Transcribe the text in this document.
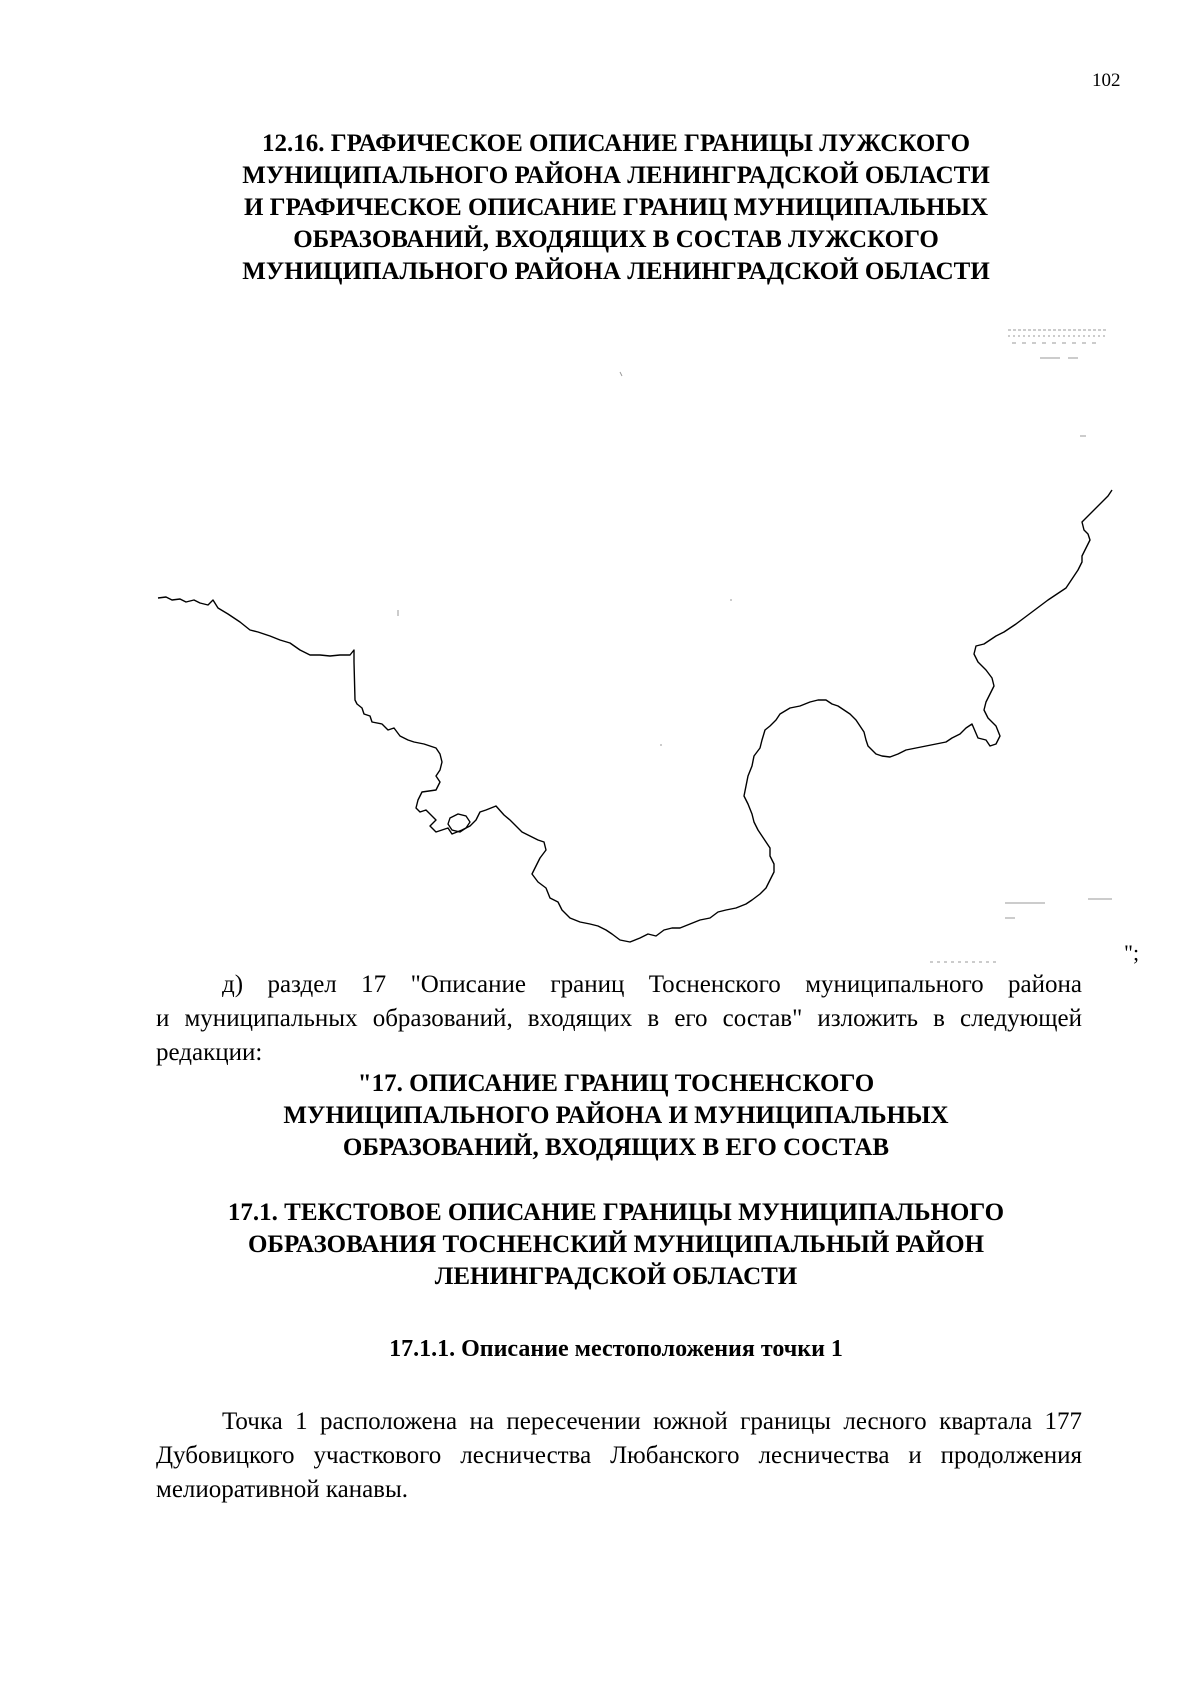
102
12.16. ГРАФИЧЕСКОЕ ОПИСАНИЕ ГРАНИЦЫ ЛУЖСКОГО
МУНИЦИПАЛЬНОГО РАЙОНА ЛЕНИНГРАДСКОЙ ОБЛАСТИ
И ГРАФИЧЕСКОЕ ОПИСАНИЕ ГРАНИЦ МУНИЦИПАЛЬНЫХ
ОБРАЗОВАНИЙ, ВХОДЯЩИХ В СОСТАВ ЛУЖСКОГО
МУНИЦИПАЛЬНОГО РАЙОНА ЛЕНИНГРАДСКОЙ ОБЛАСТИ
";
д) раздел 17 "Описание границ Тосненского муниципального района
и муниципальных образований, входящих в его состав" изложить в следующей
редакции:
"17. ОПИСАНИЕ ГРАНИЦ ТОСНЕНСКОГО
МУНИЦИПАЛЬНОГО РАЙОНА И МУНИЦИПАЛЬНЫХ
ОБРАЗОВАНИЙ, ВХОДЯЩИХ В ЕГО СОСТАВ
17.1. ТЕКСТОВОЕ ОПИСАНИЕ ГРАНИЦЫ МУНИЦИПАЛЬНОГО
ОБРАЗОВАНИЯ ТОСНЕНСКИЙ МУНИЦИПАЛЬНЫЙ РАЙОН
ЛЕНИНГРАДСКОЙ ОБЛАСТИ
17.1.1. Описание местоположения точки 1
Точка 1 расположена на пересечении южной границы лесного квартала 177
Дубовицкого участкового лесничества Любанского лесничества и продолжения
мелиоративной канавы.
